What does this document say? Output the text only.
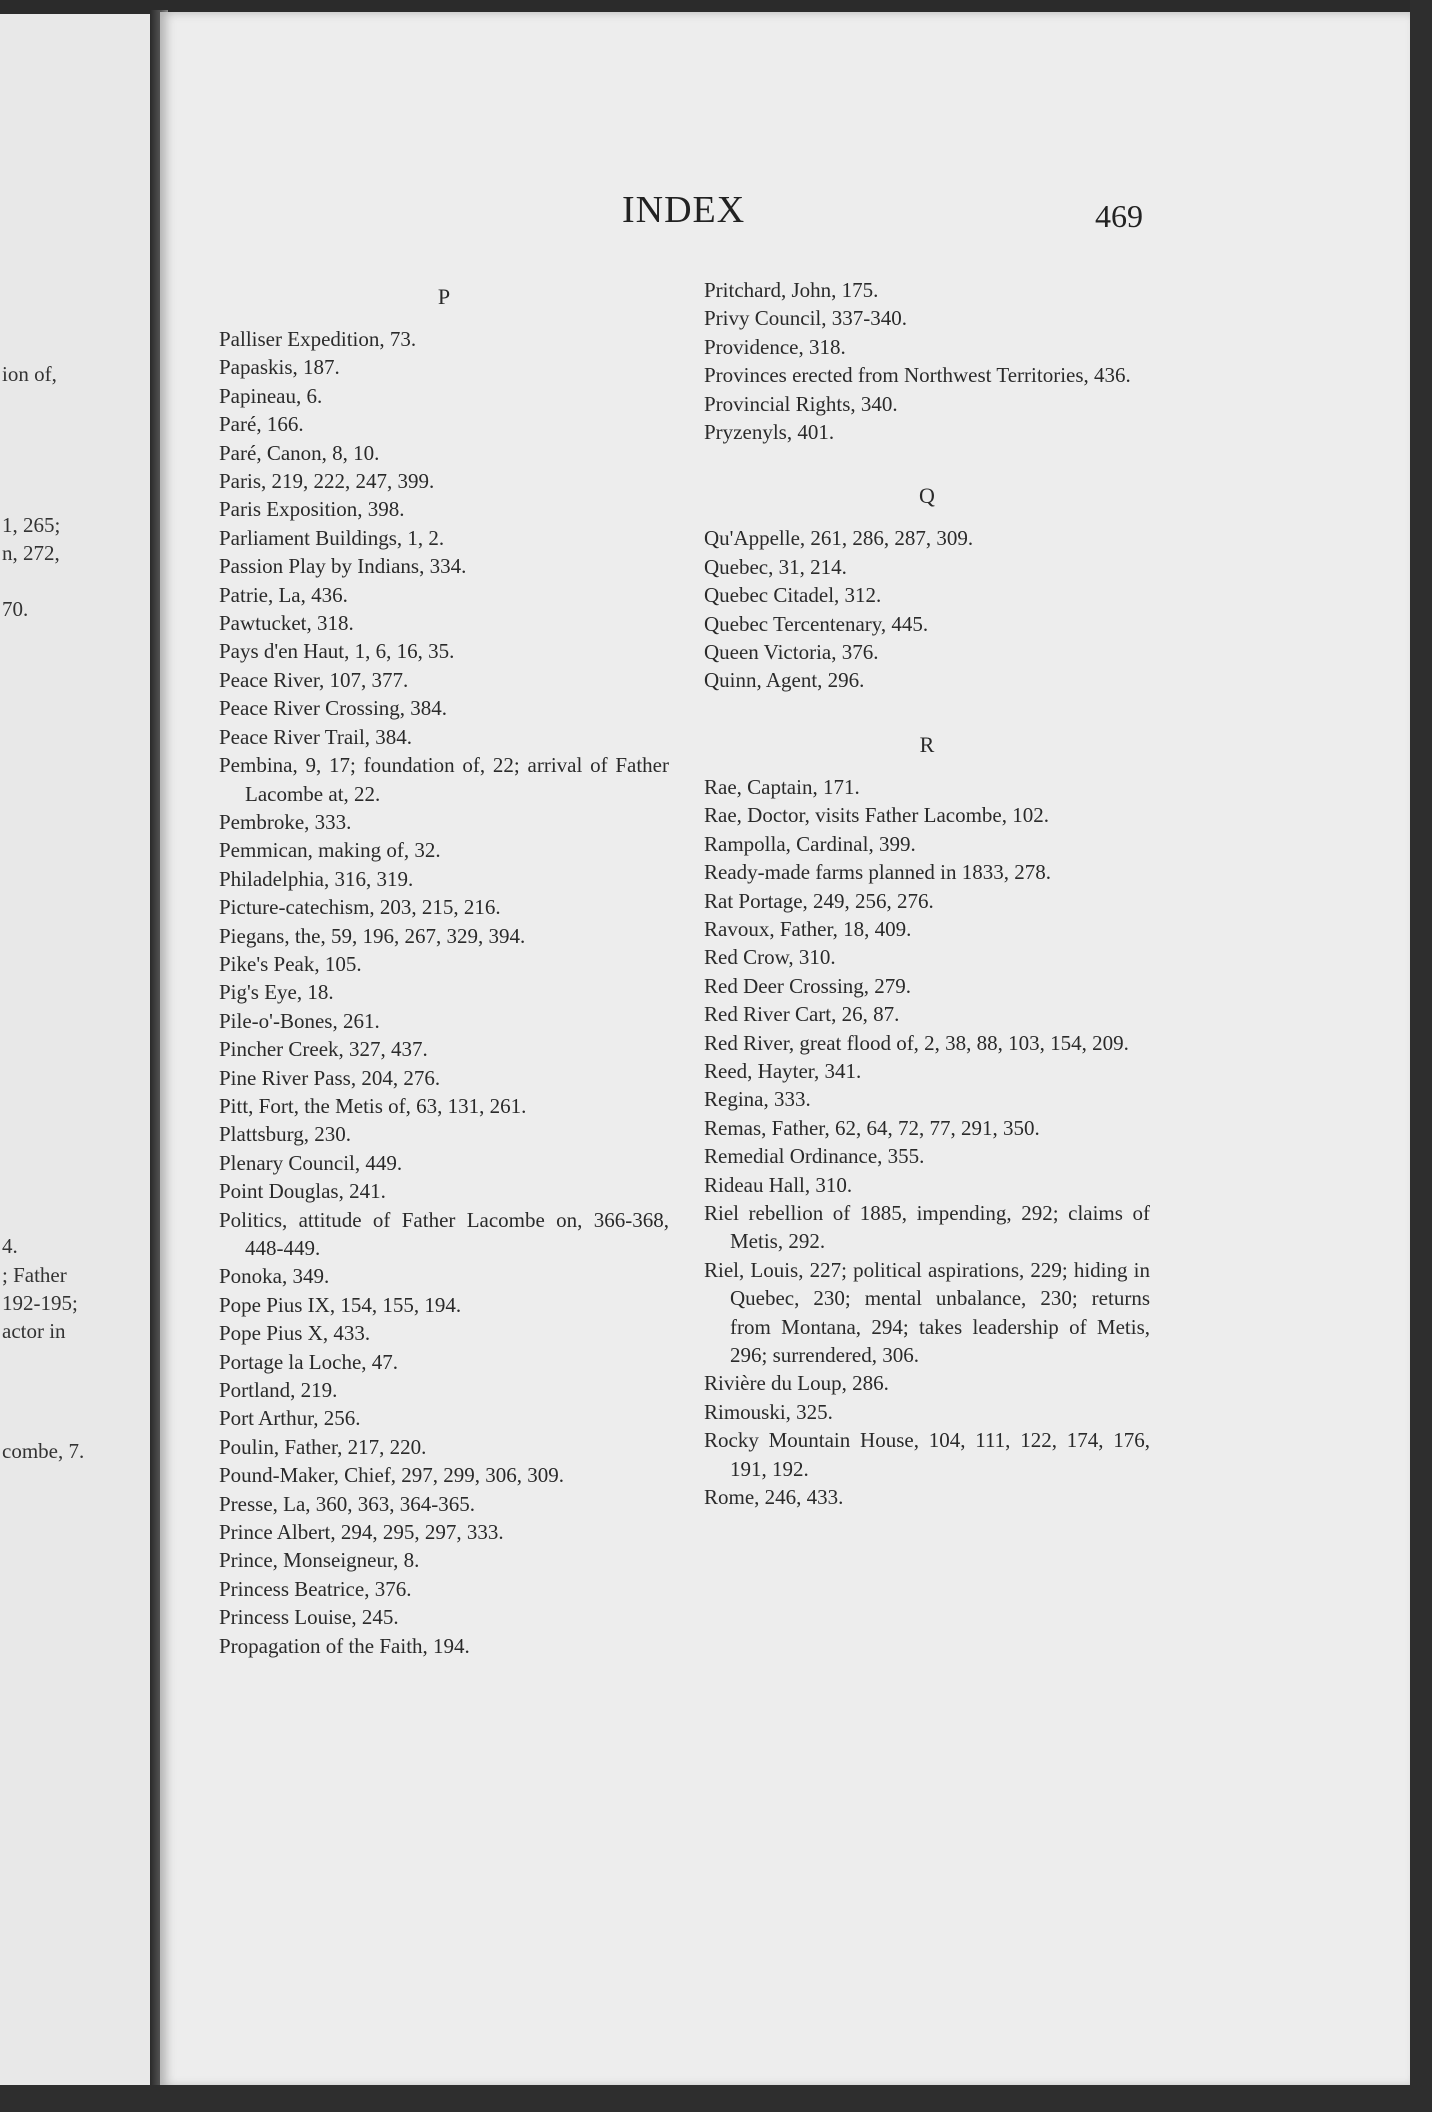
ion of,
1, 265;
n, 272,
70.
4.
; Father
192-195;
actor in
combe, 7.
INDEX	469
P
Palliser Expedition, 73.
Papaskis, 187.
Papineau, 6.
Paré, 166.
Paré, Canon, 8, 10.
Paris, 219, 222, 247, 399.
Paris Exposition, 398.
Parliament Buildings, 1, 2.
Passion Play by Indians, 334.
Patrie, La, 436.
Pawtucket, 318.
Pays d'en Haut, 1, 6, 16, 35.
Peace River, 107, 377.
Peace River Crossing, 384.
Peace River Trail, 384.
Pembina, 9, 17; foundation of, 22; arrival of Father Lacombe at, 22.
Pembroke, 333.
Pemmican, making of, 32.
Philadelphia, 316, 319.
Picture-catechism, 203, 215, 216.
Piegans, the, 59, 196, 267, 329, 394.
Pike's Peak, 105.
Pig's Eye, 18.
Pile-o'-Bones, 261.
Pincher Creek, 327, 437.
Pine River Pass, 204, 276.
Pitt, Fort, the Metis of, 63, 131, 261.
Plattsburg, 230.
Plenary Council, 449.
Point Douglas, 241.
Politics, attitude of Father Lacombe on, 366-368, 448-449.
Ponoka, 349.
Pope Pius IX, 154, 155, 194.
Pope Pius X, 433.
Portage la Loche, 47.
Portland, 219.
Port Arthur, 256.
Poulin, Father, 217, 220.
Pound-Maker, Chief, 297, 299, 306, 309.
Presse, La, 360, 363, 364-365.
Prince Albert, 294, 295, 297, 333.
Prince, Monseigneur, 8.
Princess Beatrice, 376.
Princess Louise, 245.
Propagation of the Faith, 194.
Pritchard, John, 175.
Privy Council, 337-340.
Providence, 318.
Provinces erected from Northwest Territories, 436.
Provincial Rights, 340.
Pryzenyls, 401.
Q
Qu'Appelle, 261, 286, 287, 309.
Quebec, 31, 214.
Quebec Citadel, 312.
Quebec Tercentenary, 445.
Queen Victoria, 376.
Quinn, Agent, 296.
R
Rae, Captain, 171.
Rae, Doctor, visits Father Lacombe, 102.
Rampolla, Cardinal, 399.
Ready-made farms planned in 1833, 278.
Rat Portage, 249, 256, 276.
Ravoux, Father, 18, 409.
Red Crow, 310.
Red Deer Crossing, 279.
Red River Cart, 26, 87.
Red River, great flood of, 2, 38, 88, 103, 154, 209.
Reed, Hayter, 341.
Regina, 333.
Remas, Father, 62, 64, 72, 77, 291, 350.
Remedial Ordinance, 355.
Rideau Hall, 310.
Riel rebellion of 1885, impending, 292; claims of Metis, 292.
Riel, Louis, 227; political aspirations, 229; hiding in Quebec, 230; mental unbalance, 230; returns from Montana, 294; takes leadership of Metis, 296; surrendered, 306.
Rivière du Loup, 286.
Rimouski, 325.
Rocky Mountain House, 104, 111, 122, 174, 176, 191, 192.
Rome, 246, 433.
